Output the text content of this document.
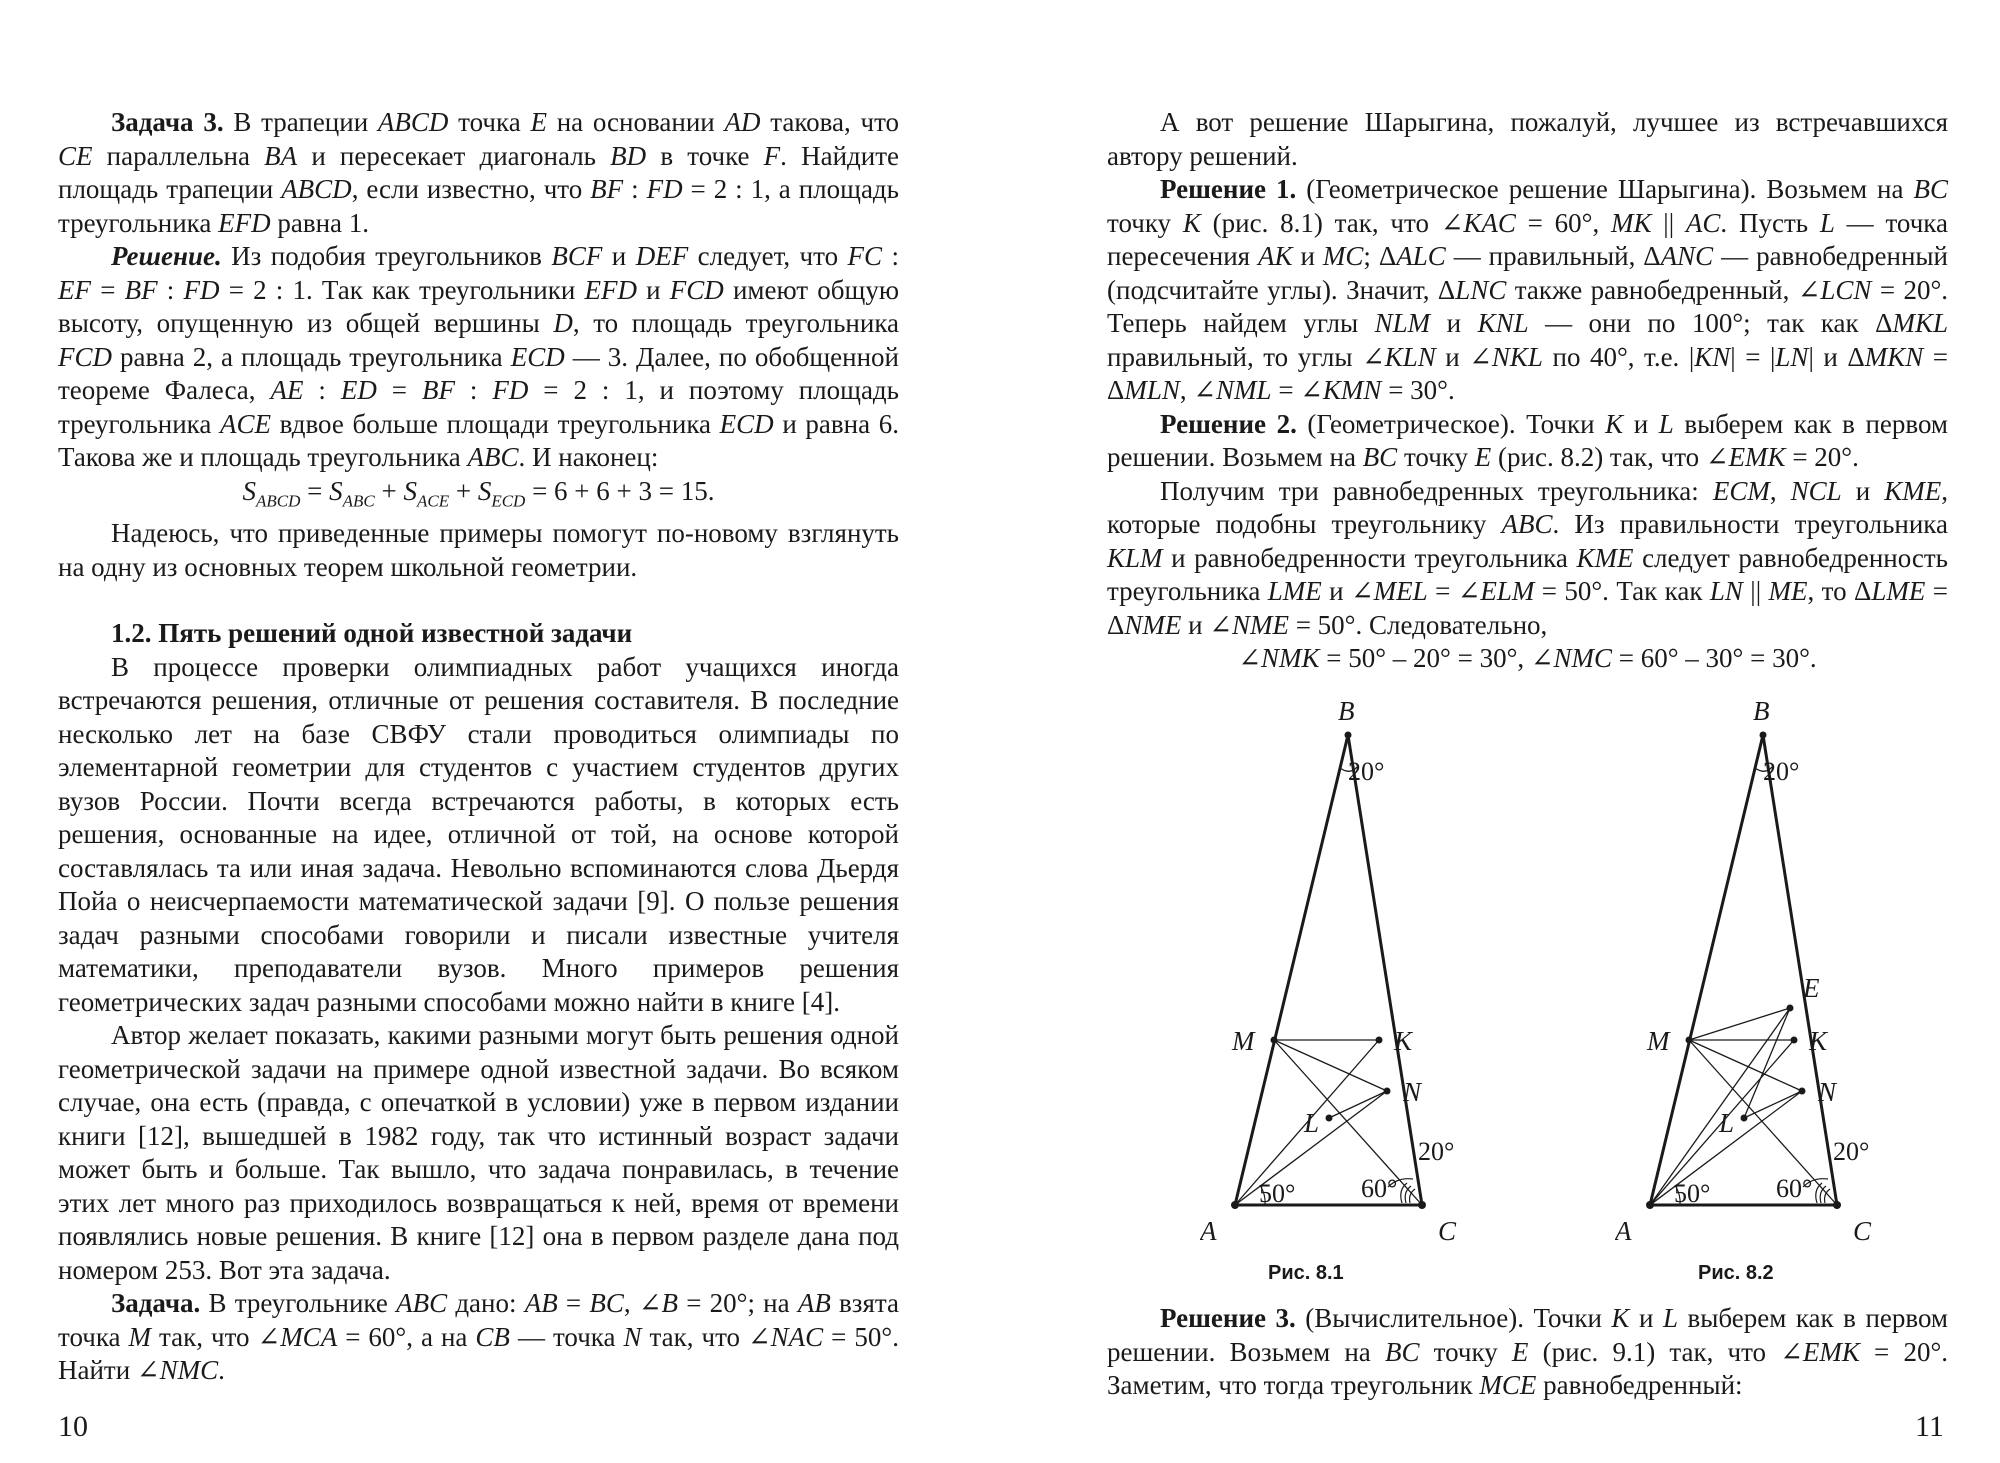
Задача 3. В трапеции ABCD точка E на основании AD такова, что CE параллельна BA и пересекает диагональ BD в точке F. Найдите площадь трапеции ABCD, если известно, что BF : FD = 2 : 1, а площадь треугольника EFD равна 1.

Решение. Из подобия треугольников BCF и DEF следует, что FC : EF = BF : FD = 2 : 1. Так как треугольники EFD и FCD имеют общую высоту, опущенную из общей вершины D, то площадь треугольника FCD равна 2, а площадь треугольника ECD — 3. Далее, по обобщенной теореме Фалеса, AE : ED = BF : FD = 2 : 1, и поэтому площадь треугольника ACE вдвое больше площади треугольника ECD и равна 6. Такова же и площадь треугольника ABC. И наконец:

$S_{ABCD} = S_{ABC} + S_{ACE} + S_{ECD} = 6 + 6 + 3 = 15$.

Надеюсь, что приведенные примеры помогут по-новому взглянуть на одну из основных теорем школьной геометрии.

1.2. Пять решений одной известной задачи

В процессе проверки олимпиадных работ учащихся иногда встречаются решения, отличные от решения составителя. В последние несколько лет на базе СВФУ стали проводиться олимпиады по элементарной геометрии для студентов с участием студентов других вузов России. Почти всегда встречаются работы, в которых есть решения, основанные на идее, отличной от той, на основе которой составлялась та или иная задача. Невольно вспоминаются слова Дьердя Пойа о неисчерпаемости математической задачи [9]. О пользе решения задач разными способами говорили и писали известные учителя математики, преподаватели вузов. Много примеров решения геометрических задач разными способами можно найти в книге [4].

Автор желает показать, какими разными могут быть решения одной геометрической задачи на примере одной известной задачи. Во всяком случае, она есть (правда, с опечаткой в условии) уже в первом издании книги [12], вышедшей в 1982 году, так что истинный возраст задачи может быть и больше. Так вышло, что задача понравилась, в течение этих лет много раз приходилось возвращаться к ней, время от времени появлялись новые решения. В книге [12] она в первом разделе дана под номером 253. Вот эта задача.

Задача. В треугольнике ABC дано: AB = BC, ∠B = 20°; на AB взята точка M так, что ∠MCA = 60°, а на CB — точка N так, что ∠NAC = 50°. Найти ∠NMC.

10

А вот решение Шарыгина, пожалуй, лучшее из встречавшихся автору решений.

Решение 1. (Геометрическое решение Шарыгина). Возьмем на BC точку K (рис. 8.1) так, что ∠KAC = 60°, MK || AC. Пусть L — точка пересечения AK и MC; ΔALC — правильный, ΔANC — равнобедренный (подсчитайте углы). Значит, ΔLNC также равнобедренный, ∠LCN = 20°. Теперь найдем углы NLM и KNL — они по 100°; так как ΔMKL правильный, то углы ∠KLN и ∠NKL по 40°, т.е. |KN| = |LN| и ΔMKN = ΔMLN, ∠NML = ∠KMN = 30°.

Решение 2. (Геометрическое). Точки K и L выберем как в первом решении. Возьмем на BC точку E (рис. 8.2) так, что ∠EMK = 20°.

Получим три равнобедренных треугольника: ECM, NCL и KME, которые подобны треугольнику ABC. Из правильности треугольника KLM и равнобедренности треугольника KME следует равнобедренность треугольника LME и ∠MEL = ∠ELM = 50°. Так как LN || ME, то ΔLME = ΔNME и ∠NME = 50°. Следовательно,

∠NMK = 50° – 20° = 30°, ∠NMC = 60° – 30° = 30°.

B
M	K
N
L
A	C
20°
20°
50°	60°
B
E
M	K
N
L
A	C
20°
20°
50°	60°
Рис. 8.1	Рис. 8.2

Решение 3. (Вычислительное). Точки K и L выберем как в первом решении. Возьмем на BC точку E (рис. 9.1) так, что ∠EMK = 20°. Заметим, что тогда треугольник MCE равнобедренный:

11
